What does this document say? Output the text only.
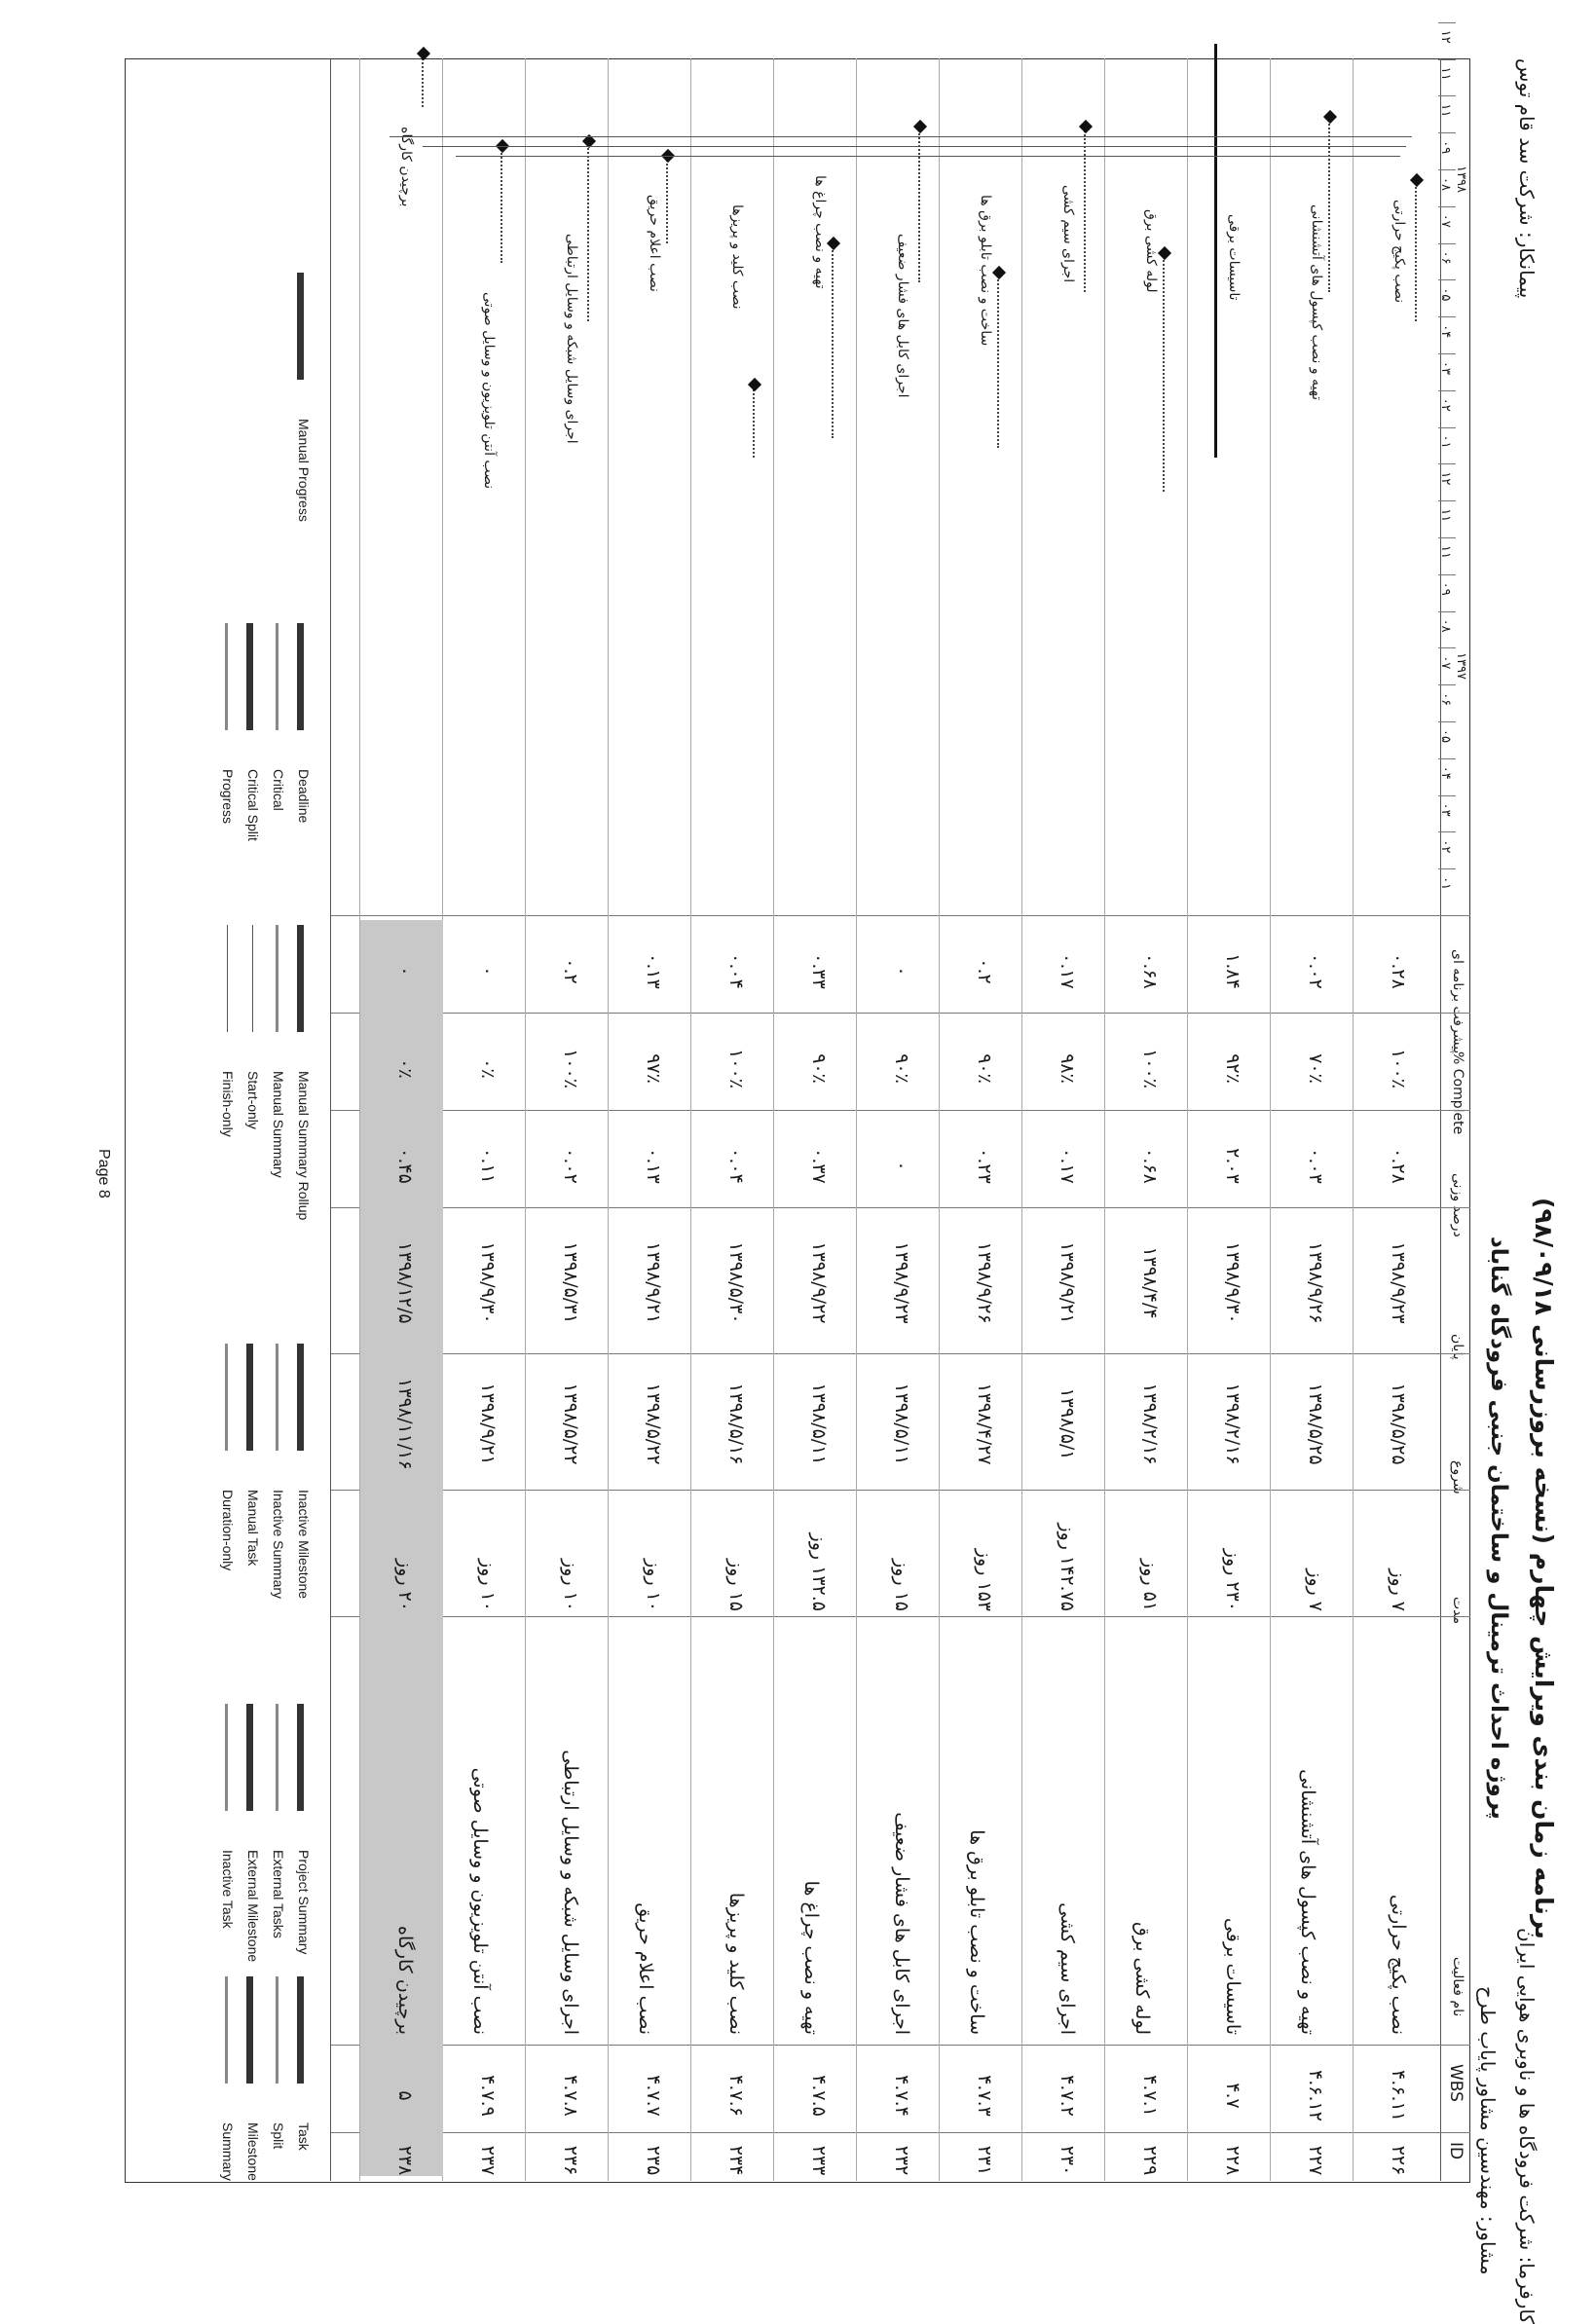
کارفرما: شرکت فرودگاه ها و ناوبری هوایی ایران
مشاور: مهندسین مشاور پایاب طرح
پیمانکار: شرکت سد قام توس
برنامه زمان بندی ویرایش چهارم (نسخه بروزرسانی ۹۸/۰۹/۱۸)
پروژه احداث ترمینال و ساختمان جنبی فرودگاه گناباد
ID
WBS
نام فعالیت
مدت
شروع
پایان
درصد وزنی
% Complete
پیشرفت برنامه ای
۲۲۶
۴.۶.۱۱
نصب پکیج حرارتی
۷ روز
۱۳۹۸/۵/۲۵
۱۳۹۸/۹/۲۳
۰.۲۸
۱۰۰٪
۰.۲۸
۲۲۷
۴.۶.۱۲
تهیه و نصب کپسول های آتشنشانی
۷ روز
۱۳۹۸/۵/۲۵
۱۳۹۸/۹/۲۶
۰.۰۳
۷۰٪
۰.۰۲
۲۲۸
۴.۷
تاسیسات برقی
۲۳۰ روز
۱۳۹۸/۲/۱۶
۱۳۹۸/۹/۳۰
۲.۰۳
۹۲٪
۱.۸۴
۲۲۹
۴.۷.۱
لوله کشی برق
۵۱ روز
۱۳۹۸/۲/۱۶
۱۳۹۸/۴/۴
۰.۶۸
۱۰۰٪
۰.۶۸
۲۳۰
۴.۷.۲
اجرای سیم کشی
۱۴۲.۷۵ روز
۱۳۹۸/۵/۱
۱۳۹۸/۹/۲۱
۰.۱۷
۹۸٪
۰.۱۷
۲۳۱
۴.۷.۳
ساخت و نصب تابلو برق ها
۱۵۳ روز
۱۳۹۸/۴/۲۷
۱۳۹۸/۹/۲۶
۰.۲۳
۹۰٪
۰.۲
۲۳۲
۴.۷.۴
اجرای کابل های فشار ضعیف
۱۵ روز
۱۳۹۸/۵/۱۱
۱۳۹۸/۹/۲۳
۰
۹۰٪
۰
۲۳۳
۴.۷.۵
تهیه و نصب چراغ ها
۱۳۲.۵ روز
۱۳۹۸/۵/۱۱
۱۳۹۸/۹/۲۲
۰.۳۷
۹۰٪
۰.۳۳
۲۳۴
۴.۷.۶
نصب کلید و پریزها
۱۵ روز
۱۳۹۸/۵/۱۶
۱۳۹۸/۵/۳۰
۰.۰۴
۱۰۰٪
۰.۰۴
۲۳۵
۴.۷.۷
نصب اعلام حریق
۱۰ روز
۱۳۹۸/۵/۲۲
۱۳۹۸/۹/۲۱
۰.۱۳
۹۷٪
۰.۱۳
۲۳۶
۴.۷.۸
اجرای وسایل شبکه و وسایل ارتباطی
۱۰ روز
۱۳۹۸/۵/۲۲
۱۳۹۸/۵/۳۱
۰.۰۲
۱۰۰٪
۰.۲
۲۳۷
۴.۷.۹
نصب آنتن تلویزیون و وسایل صوتی
۱۰ روز
۱۳۹۸/۹/۲۱
۱۳۹۸/۹/۳۰
۰.۱۱
۰٪
۰
۲۳۸
۵
برچیدن کارگاه
۲۰ روز
۱۳۹۸/۱۱/۱۶
۱۳۹۸/۱۲/۵
۰.۴۵
۰٪
۰
۱۳۹۷
۱۳۹۸
۰۱
۰۲
۰۳
۰۴
۰۵
۰۶
۰۷
۰۸
۰۹
۱۱
۱۱
۱۲
۰۱
۰۲
۰۳
۰۴
۰۵
۰۶
۰۷
۰۸
۰۹
۱۱
۱۱
۱۲
نصب پکیج حرارتی
تهیه و نصب کپسول های آتشنشانی
تاسیسات برقی
لوله کشی برق
اجرای سیم کشی
ساخت و نصب تابلو برق ها
اجرای کابل های فشار ضعیف
تهیه و نصب چراغ ها
نصب کلید و پریزها
نصب اعلام حریق
اجرای وسایل شبکه و وسایل ارتباطی
نصب آنتن تلویزیون و وسایل صوتی
برچیدن کارگاه
Task
Split
Milestone
Summary
Project Summary
External Tasks
External Milestone
Inactive Task
Inactive Milestone
Inactive Summary
Manual Task
Duration-only
Manual Summary Rollup
Manual Summary
Start-only
Finish-only
Deadline
Critical
Critical Split
Progress
Manual Progress
Page 8
